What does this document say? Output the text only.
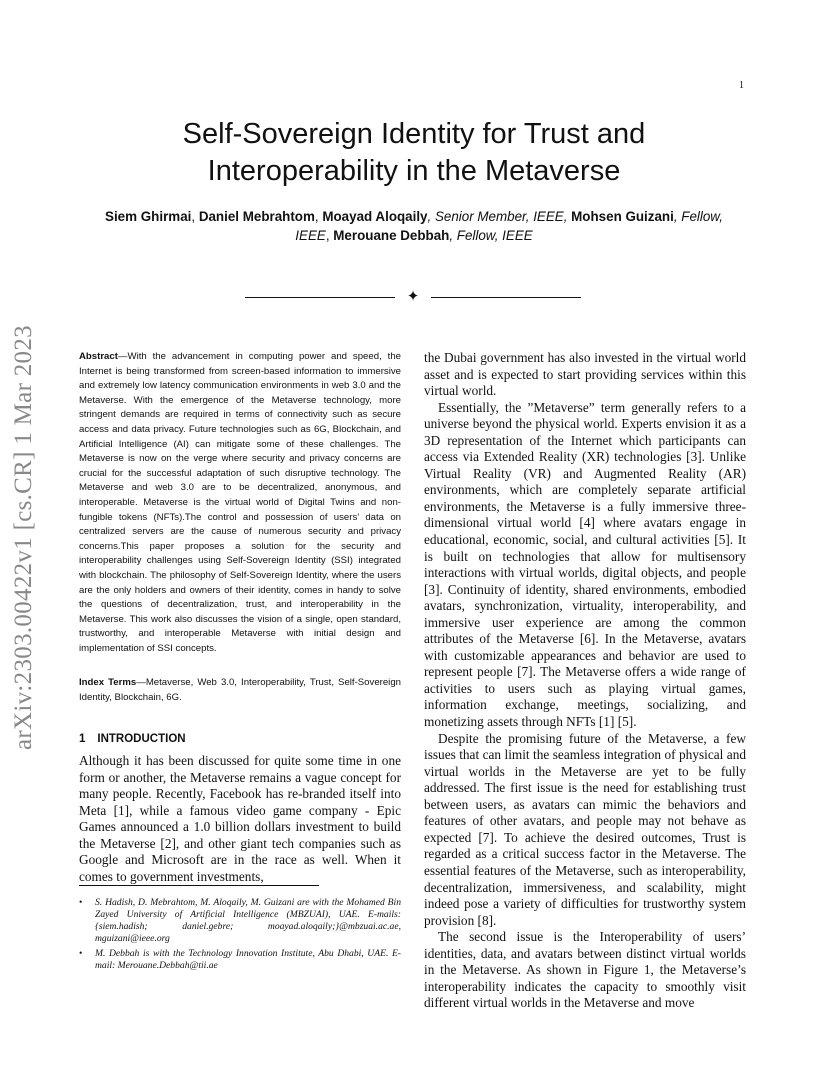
1
arXiv:2303.00422v1 [cs.CR] 1 Mar 2023
Self-Sovereign Identity for Trust and
Interoperability in the Metaverse
Siem Ghirmai, Daniel Mebrahtom, Moayad Aloqaily, Senior Member, IEEE, Mohsen Guizani, Fellow, IEEE, Merouane Debbah, Fellow, IEEE
✦
Abstract—With the advancement in computing power and speed, the Internet is being transformed from screen-based information to immersive and extremely low latency communication environments in web 3.0 and the Metaverse. With the emergence of the Metaverse technology, more stringent demands are required in terms of connectivity such as secure access and data privacy. Future technologies such as 6G, Blockchain, and Artificial Intelligence (AI) can mitigate some of these challenges. The Metaverse is now on the verge where security and privacy concerns are crucial for the successful adaptation of such disruptive technology. The Metaverse and web 3.0 are to be decentralized, anonymous, and interoperable. Metaverse is the virtual world of Digital Twins and non-fungible tokens (NFTs).The control and possession of users’ data on centralized servers are the cause of numerous security and privacy concerns.This paper proposes a solution for the security and interoperability challenges using Self-Sovereign Identity (SSI) integrated with blockchain. The philosophy of Self-Sovereign Identity, where the users are the only holders and owners of their identity, comes in handy to solve the questions of decentralization, trust, and interoperability in the Metaverse. This work also discusses the vision of a single, open standard, trustworthy, and interoperable Metaverse with initial design and implementation of SSI concepts.
Index Terms—Metaverse, Web 3.0, Interoperability, Trust, Self-Sovereign Identity, Blockchain, 6G.
1 INTRODUCTION

Although it has been discussed for quite some time in one form or another, the Metaverse remains a vague concept for many people. Recently, Facebook has re-branded itself into Meta [1], while a famous video game company - Epic Games announced a 1.0 billion dollars investment to build the Metaverse [2], and other giant tech companies such as Google and Microsoft are in the race as well. When it comes to government investments,

• S. Hadish, D. Mebrahtom, M. Aloqaily, M. Guizani are with the Mohamed Bin Zayed University of Artificial Intelligence (MBZUAI), UAE. E-mails: {siem.hadish; daniel.gebre; moayad.aloqaily;}@mbzuai.ac.ae, mguizani@ieee.org
• M. Debbah is with the Technology Innovation Institute, Abu Dhabi, UAE. E-mail: Merouane.Debbah@tii.ae

the Dubai government has also invested in the virtual world asset and is expected to start providing services within this virtual world.

Essentially, the ”Metaverse” term generally refers to a universe beyond the physical world. Experts envision it as a 3D representation of the Internet which participants can access via Extended Reality (XR) technologies [3]. Unlike Virtual Reality (VR) and Augmented Reality (AR) environments, which are completely separate artificial environments, the Metaverse is a fully immersive three-dimensional virtual world [4] where avatars engage in educational, economic, social, and cultural activities [5]. It is built on technologies that allow for multisensory interactions with virtual worlds, digital objects, and people [3]. Continuity of identity, shared environments, embodied avatars, synchronization, virtuality, interoperability, and immersive user experience are among the common attributes of the Metaverse [6]. In the Metaverse, avatars with customizable appearances and behavior are used to represent people [7]. The Metaverse offers a wide range of activities to users such as playing virtual games, information exchange, meetings, socializing, and monetizing assets through NFTs [1] [5].

Despite the promising future of the Metaverse, a few issues that can limit the seamless integration of physical and virtual worlds in the Metaverse are yet to be fully addressed. The first issue is the need for establishing trust between users, as avatars can mimic the behaviors and features of other avatars, and people may not behave as expected [7]. To achieve the desired outcomes, Trust is regarded as a critical success factor in the Metaverse. The essential features of the Metaverse, such as interoperability, decentralization, immersiveness, and scalability, might indeed pose a variety of difficulties for trustworthy system provision [8].

The second issue is the Interoperability of users’ identities, data, and avatars between distinct virtual worlds in the Metaverse. As shown in Figure 1, the Metaverse’s interoperability indicates the capacity to smoothly visit different virtual worlds in the Metaverse and move
